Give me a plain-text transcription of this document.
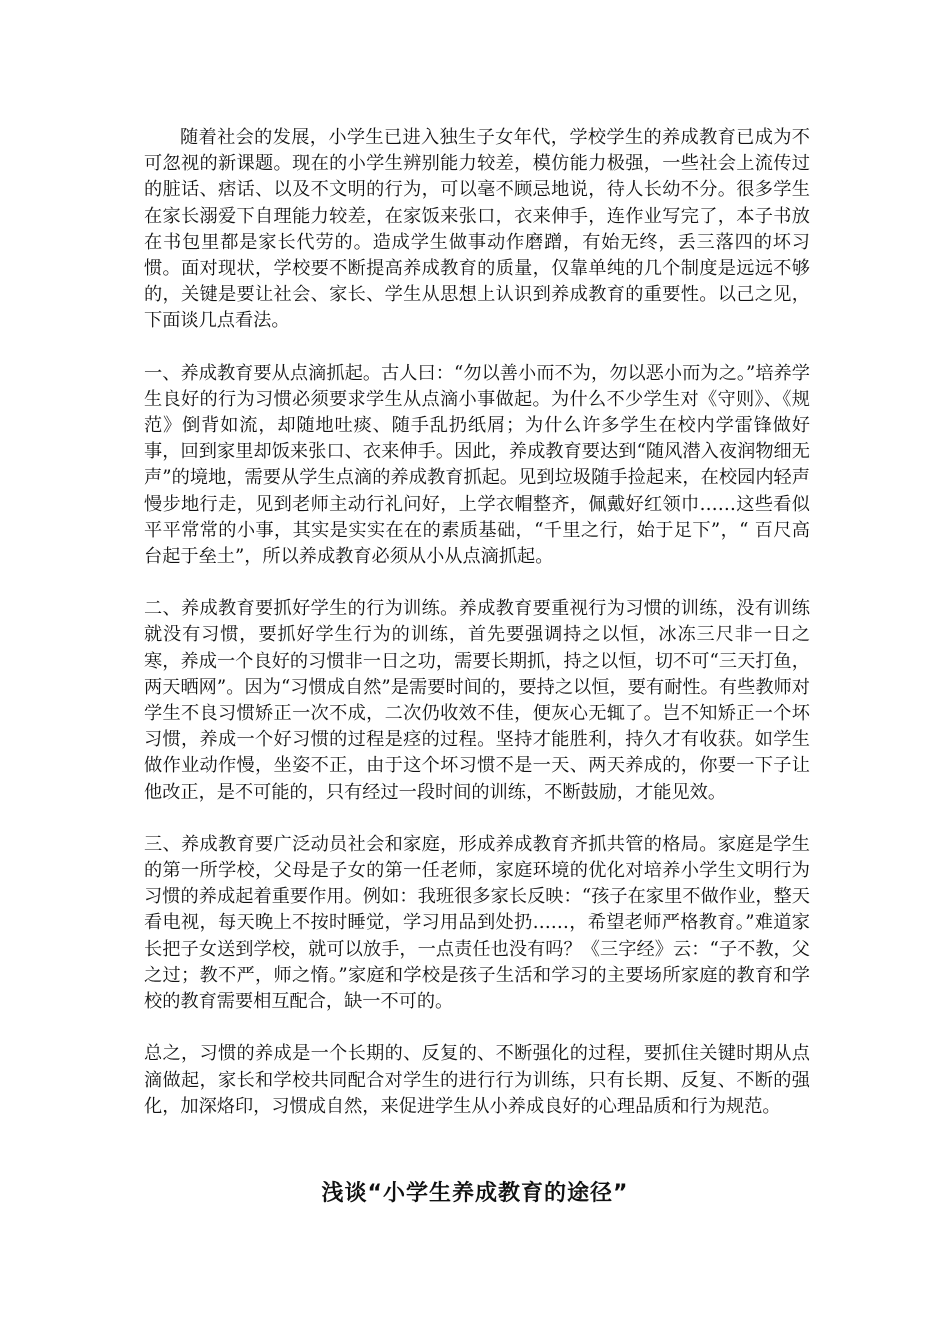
随着社会的发展，小学生已进入独生子女年代，学校学生的养成教育已成为不可忽视的新课题。现在的小学生辨别能力较差，模仿能力极强，一些社会上流传过的脏话、痞话、以及不文明的行为，可以毫不顾忌地说，待人长幼不分。很多学生在家长溺爱下自理能力较差，在家饭来张口，衣来伸手，连作业写完了，本子书放在书包里都是家长代劳的。造成学生做事动作磨蹭，有始无终，丢三落四的坏习惯。面对现状，学校要不断提高养成教育的质量，仅靠单纯的几个制度是远远不够的，关键是要让社会、家长、学生从思想上认识到养成教育的重要性。以己之见，下面谈几点看法。

一、养成教育要从点滴抓起。古人曰：“勿以善小而不为，勿以恶小而为之。”培养学生良好的行为习惯必须要求学生从点滴小事做起。为什么不少学生对《守则》、《规范》倒背如流，却随地吐痰、随手乱扔纸屑；为什么许多学生在校内学雷锋做好事，回到家里却饭来张口、衣来伸手。因此，养成教育要达到“随风潜入夜润物细无声”的境地，需要从学生点滴的养成教育抓起。见到垃圾随手捡起来，在校园内轻声慢步地行走，见到老师主动行礼问好，上学衣帽整齐，佩戴好红领巾……这些看似平平常常的小事，其实是实实在在的素质基础，“千里之行，始于足下”，“ 百尺高台起于垒土”，所以养成教育必须从小从点滴抓起。

二、养成教育要抓好学生的行为训练。养成教育要重视行为习惯的训练，没有训练就没有习惯，要抓好学生行为的训练，首先要强调持之以恒，冰冻三尺非一日之寒，养成一个良好的习惯非一日之功，需要长期抓，持之以恒，切不可“三天打鱼，两天晒网”。因为“习惯成自然”是需要时间的，要持之以恒，要有耐性。有些教师对学生不良习惯矫正一次不成，二次仍收效不佳，便灰心无辄了。岂不知矫正一个坏习惯，养成一个好习惯的过程是痉的过程。坚持才能胜利，持久才有收获。如学生做作业动作慢，坐姿不正，由于这个坏习惯不是一天、两天养成的，你要一下子让他改正，是不可能的，只有经过一段时间的训练，不断鼓励，才能见效。

三、养成教育要广泛动员社会和家庭，形成养成教育齐抓共管的格局。家庭是学生的第一所学校，父母是子女的第一任老师，家庭环境的优化对培养小学生文明行为习惯的养成起着重要作用。例如：我班很多家长反映：“孩子在家里不做作业，整天看电视，每天晚上不按时睡觉，学习用品到处扔……，希望老师严格教育。”难道家长把子女送到学校，就可以放手，一点责任也没有吗？《三字经》云：“子不教，父之过；教不严，师之惰。”家庭和学校是孩子生活和学习的主要场所家庭的教育和学校的教育需要相互配合，缺一不可的。

总之，习惯的养成是一个长期的、反复的、不断强化的过程，要抓住关键时期从点滴做起，家长和学校共同配合对学生的进行行为训练，只有长期、反复、不断的强化，加深烙印，习惯成自然，来促进学生从小养成良好的心理品质和行为规范。

浅谈“小学生养成教育的途径”
